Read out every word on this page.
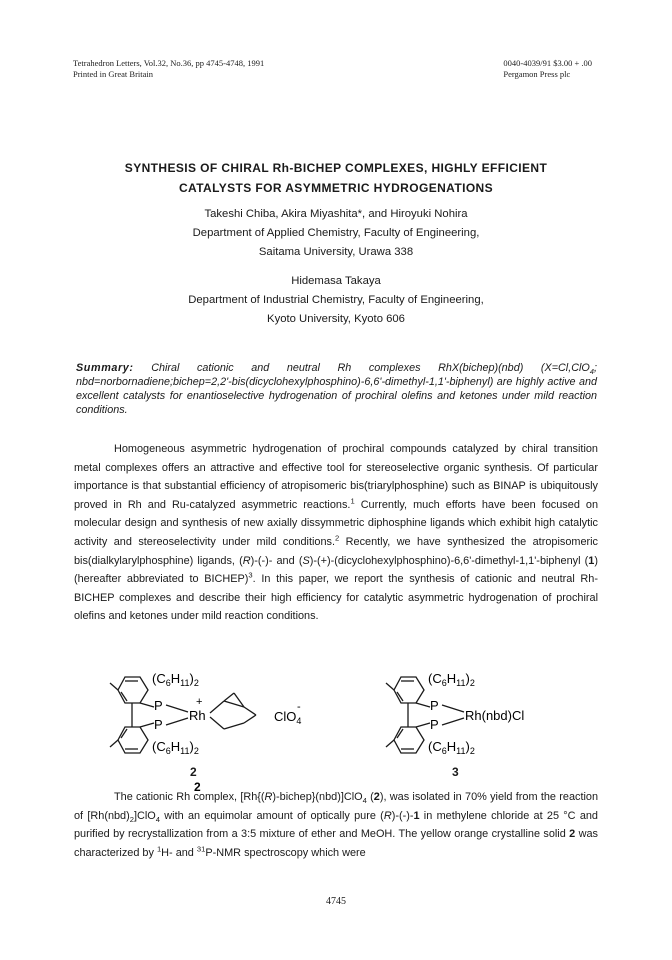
Tetrahedron Letters, Vol.32, No.36, pp 4745-4748, 1991
Printed in Great Britain
0040-4039/91 $3.00 + .00
Pergamon Press plc
SYNTHESIS OF CHIRAL Rh-BICHEP COMPLEXES, HIGHLY EFFICIENT
CATALYSTS FOR ASYMMETRIC HYDROGENATIONS
Takeshi Chiba, Akira Miyashita*, and Hiroyuki Nohira
Department of Applied Chemistry, Faculty of Engineering,
Saitama University, Urawa 338
Hidemasa Takaya
Department of Industrial Chemistry, Faculty of Engineering,
Kyoto University, Kyoto 606
Summary: Chiral cationic and neutral Rh complexes RhX(bichep)(nbd) (X=Cl,ClO$_4$; nbd=norbornadiene;bichep=2,2'-bis(dicyclohexylphosphino)-6,6'-dimethyl-1,1'-biphenyl) are highly active and excellent catalysts for enantioselective hydrogenation of prochiral olefins and ketones under mild reaction conditions.
Homogeneous asymmetric hydrogenation of prochiral compounds catalyzed by chiral transition metal complexes offers an attractive and effective tool for stereoselective organic synthesis. Of particular importance is that substantial efficiency of atropisomeric bis(triarylphosphine) such as BINAP is ubiquitously proved in Rh and Ru-catalyzed asymmetric reactions.$^1$ Currently, much efforts have been focused on molecular design and synthesis of new axially dissymmetric diphosphine ligands which exhibit high catalytic activity and stereoselectivity under mild conditions.$^2$ Recently, we have synthesized the atropisomeric bis(dialkylarylphosphine) ligands, (R)-(-)- and (S)-(+)-(dicyclohexylphosphino)-6,6'-dimethyl-1,1'-biphenyl (1) (hereafter abbreviated to BICHEP)$^3$. In this paper, we report the synthesis of cationic and neutral Rh-BICHEP complexes and describe their high efficiency for catalytic asymmetric hydrogenation of prochiral olefins and ketones under mild reaction conditions.
$(C_6H_{11})_2$
P
Rh
+
P
$(C_6H_{11})_2$
ClO$_4$
-
2
2
$(C_6H_{11})_2$
P
Rh(nbd)Cl
P
$(C_6H_{11})_2$
3
The cationic Rh complex, [Rh{(R)-bichep}(nbd)]ClO$_4$ (2), was isolated in 70% yield from the reaction of $[Rh(nbd)_2]ClO_4$ with an equimolar amount of optically pure (R)-(-)-1 in methylene chloride at 25 °C and purified by recrystallization from a 3:5 mixture of ether and MeOH. The yellow orange crystalline solid 2 was characterized by $^1$H- and $^{31}$P-NMR spectroscopy which were
4745
